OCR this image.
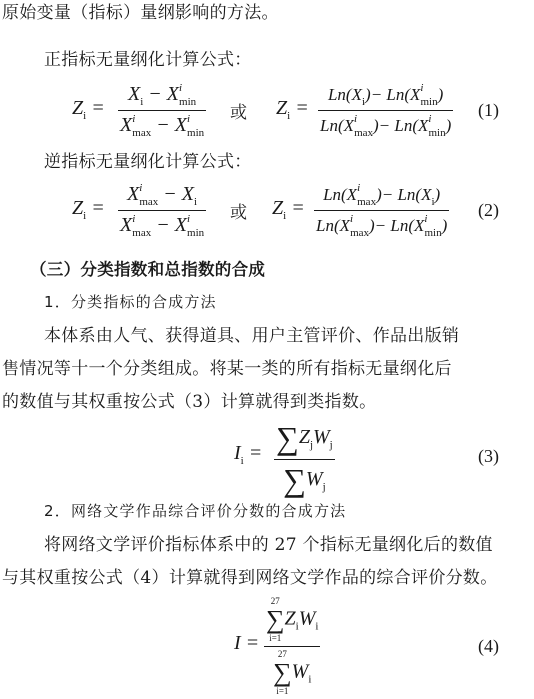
原始变量（指标）量纲影响的方法。
正指标无量纲化计算公式：
$Z_i$ =
$X_i - X^i_{min}$
$X^i_{max} - X^i_{min}$
或 $Z_i$ =
$Ln(X_i)- Ln(X^i_{min})$
$Ln(X^i_{max})- Ln(X^i_{min})$
(1)
逆指标无量纲化计算公式：
$Z_i$ =
$X^i_{max} - X_i$
$X^i_{max} - X^i_{min}$
或 $Z_i$ =
$Ln(X^i_{max})- Ln(X_i)$
$Ln(X^i_{max})- Ln(X^i_{min})$
(2)
（三）分类指数和总指数的合成
1．分类指标的合成方法
本体系由人气、获得道具、用户主管评价、作品出版销
售情况等十一个分类组成。将某一类的所有指标无量纲化后
的数值与其权重按公式（3）计算就得到类指数。
$I_i = \sum Z_jW_j$
$\sum W_j$
(3)
2．网络文学作品综合评价分数的合成方法
将网络文学评价指标体系中的 27 个指标无量纲化后的数值
与其权重按公式（4）计算就得到网络文学作品的综合评价分数。
I =
27
∑
i=1
$Z_iW_i$
27
∑
i=1
$W_i$
(4)
